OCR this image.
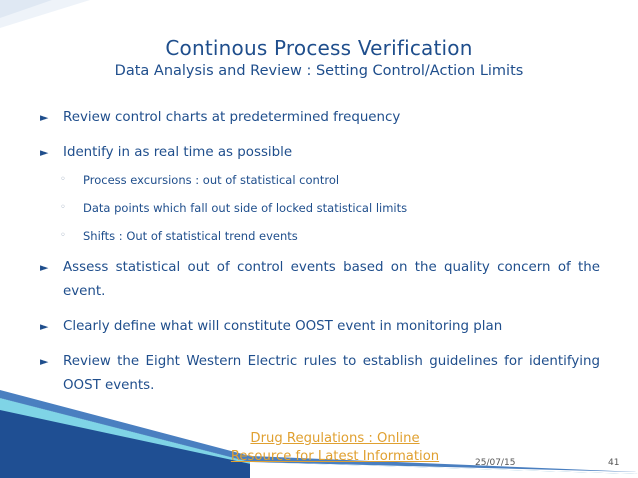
Continous Process Verification
Data Analysis and Review : Setting Control/Action Limits
►	Review control charts at predetermined frequency
►	Identify in as real time as possible
◦ Process excursions : out of statistical control
◦ Data points which fall out side of locked statistical limits
◦ Shifts : Out of statistical trend events
►	Assess statistical out of control events based on the quality concern of the event.
►	Clearly define what will constitute OOST event in monitoring plan
►	Review the Eight Western Electric rules to establish guidelines for identifying OOST events.
Drug Regulations : Online
Resource for Latest Information	25/07/15	41
